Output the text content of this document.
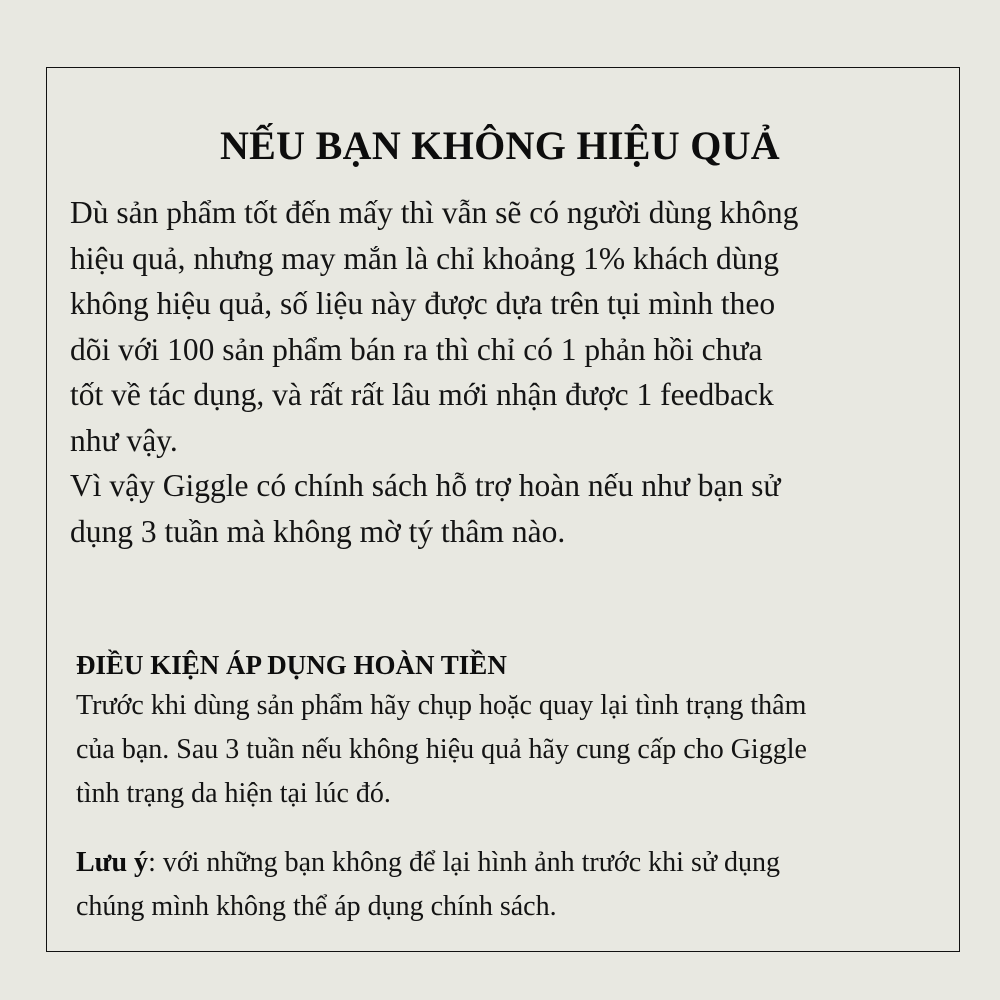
NẾU BẠN KHÔNG HIỆU QUẢ
Dù sản phẩm tốt đến mấy thì vẫn sẽ có người dùng không
hiệu quả, nhưng may mắn là chỉ khoảng 1% khách dùng
không hiệu quả, số liệu này được dựa trên tụi mình theo
dõi với 100 sản phẩm bán ra thì chỉ có 1 phản hồi chưa
tốt về tác dụng, và rất rất lâu mới nhận được 1 feedback
như vậy.
Vì vậy Giggle có chính sách hỗ trợ hoàn nếu như bạn sử
dụng 3 tuần mà không mờ tý thâm nào.
ĐIỀU KIỆN ÁP DỤNG HOÀN TIỀN
Trước khi dùng sản phẩm hãy chụp hoặc quay lại tình trạng thâm
của bạn. Sau 3 tuần nếu không hiệu quả hãy cung cấp cho Giggle
tình trạng da hiện tại lúc đó.
Lưu ý: với những bạn không để lại hình ảnh trước khi sử dụng
chúng mình không thể áp dụng chính sách.
